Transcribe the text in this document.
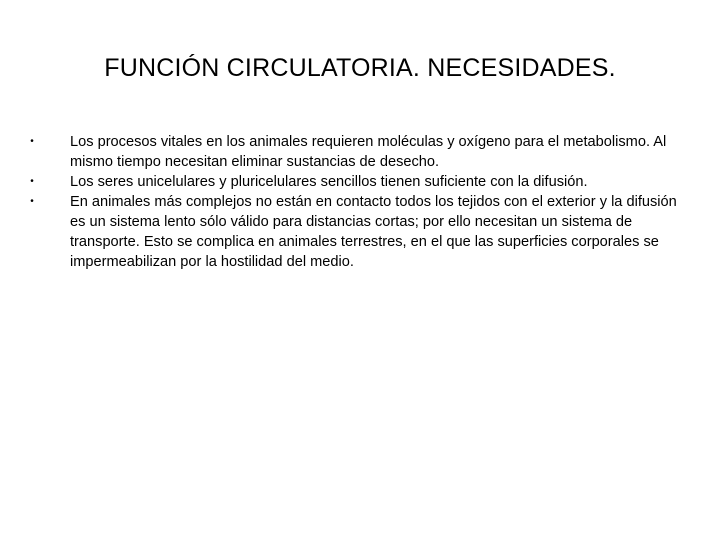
FUNCIÓN CIRCULATORIA. NECESIDADES.
• Los procesos vitales en los animales requieren moléculas y oxígeno para el metabolismo. Al mismo tiempo necesitan eliminar sustancias de desecho.
• Los seres unicelulares y pluricelulares sencillos tienen suficiente con la difusión.
• En animales más complejos no están en contacto todos los tejidos con el exterior y la difusión es un sistema lento sólo válido para distancias cortas; por ello necesitan un sistema de transporte. Esto se complica en animales terrestres, en el que las superficies corporales se impermeabilizan por la hostilidad del medio.
